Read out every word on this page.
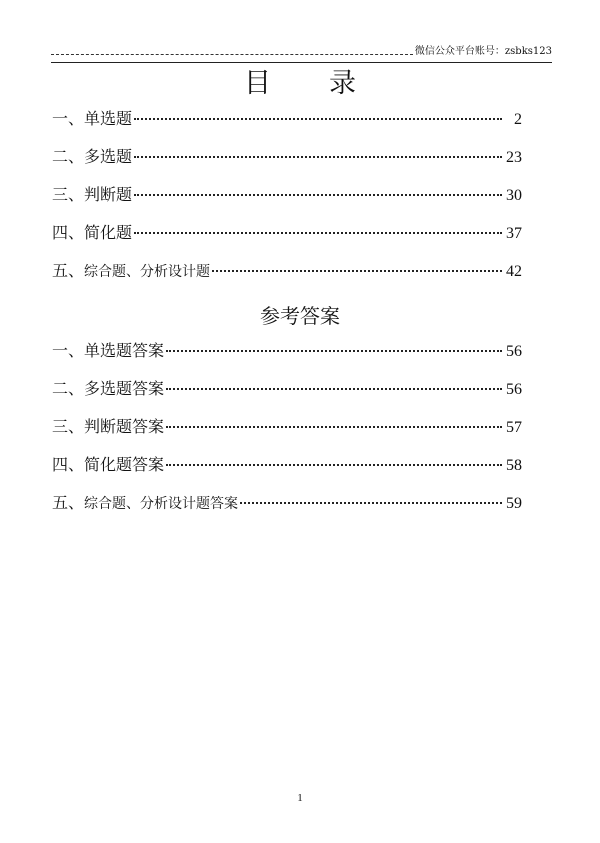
微信公众平台账号：zsbks123
目 录
一、 单选题	2
二、 多选题	23
三、 判断题	30
四、 简化题	37
五、 综合题、分析设计题	42
参考答案
一、 单选题答案	56
二、 多选题答案	56
三、 判断题答案	57
四、 简化题答案	58
五、 综合题、分析设计题答案	59
1
